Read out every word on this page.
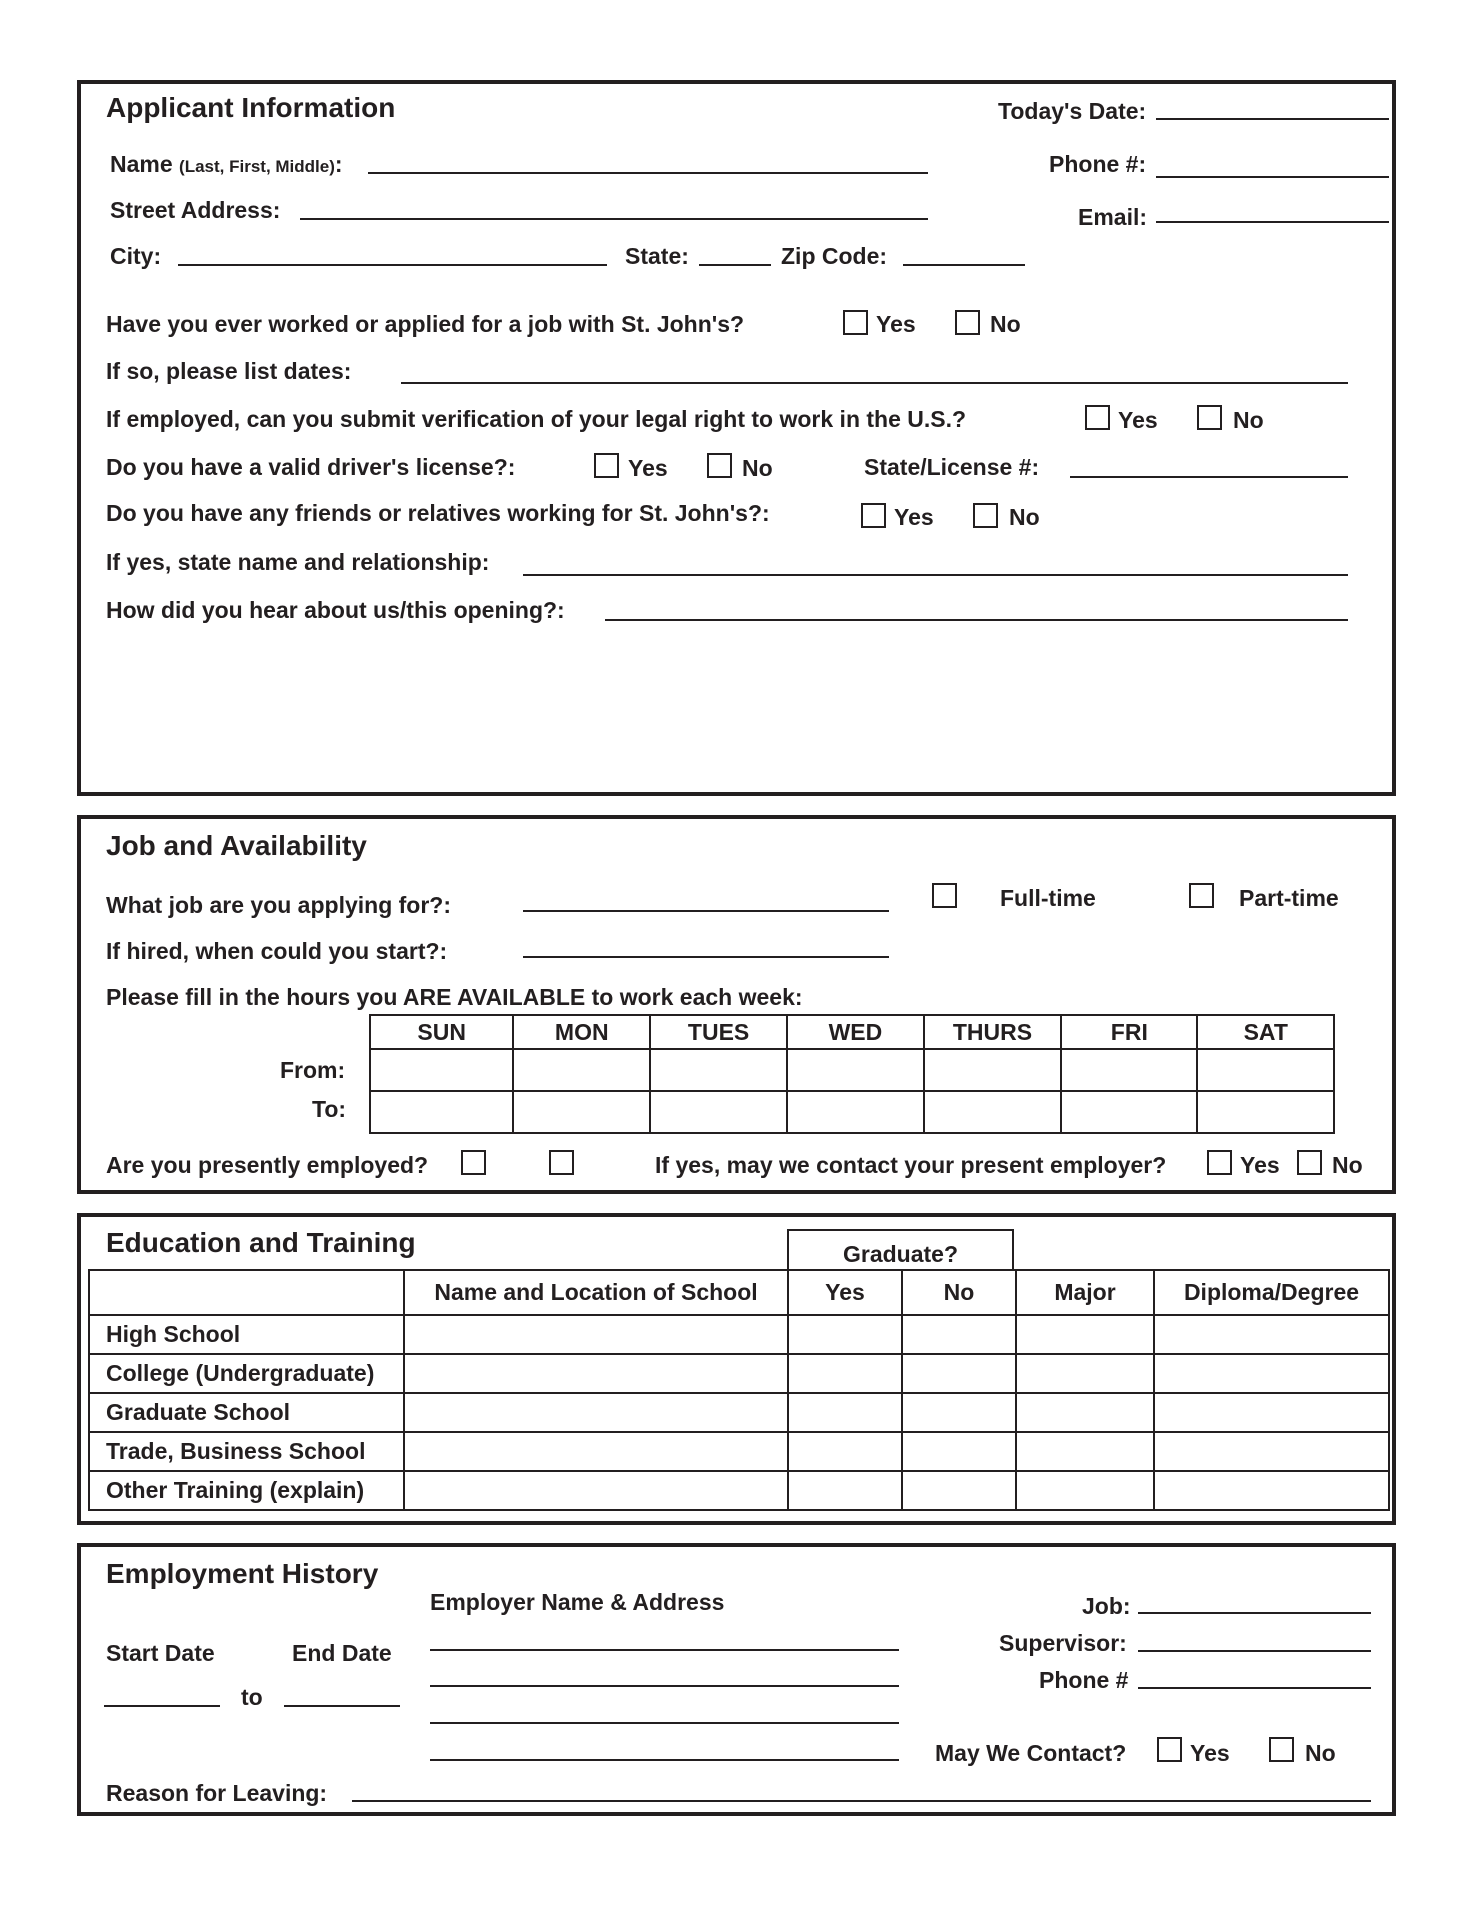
Applicant Information	Today's Date:
Name (Last, First, Middle):	Phone #:
Street Address:	Email:
City:	State:	Zip Code:
Have you ever worked or applied for a job with St. John's?	Yes	No
If so, please list dates:
If employed, can you submit verification of your legal right to work in the U.S.?	Yes	No
Do you have a valid driver's license?:	Yes	No	State/License #:
Do you have any friends or relatives working for St. John's?:	Yes	No
If yes, state name and relationship:
How did you hear about us/this opening?:
Job and Availability
What job are you applying for?:	Full-time	Part-time
If hired, when could you start?:
Please fill in the hours you ARE AVAILABLE to work each week:
SUN	MON	TUES	WED	THURS	FRI	SAT

From:
To:
Are you presently employed?	If yes, may we contact your present employer?	Yes No
Education and Training	Graduate?
	Name and Location of School	Yes	No	Major	Diploma/Degree
High School					
College (Undergraduate)					
Graduate School					
Trade, Business School					
Other Training (explain)					
Employment History
Employer Name & Address
Start Date	End Date
to
Job:
Supervisor:
Phone #
May We Contact?	Yes	No
Reason for Leaving:
